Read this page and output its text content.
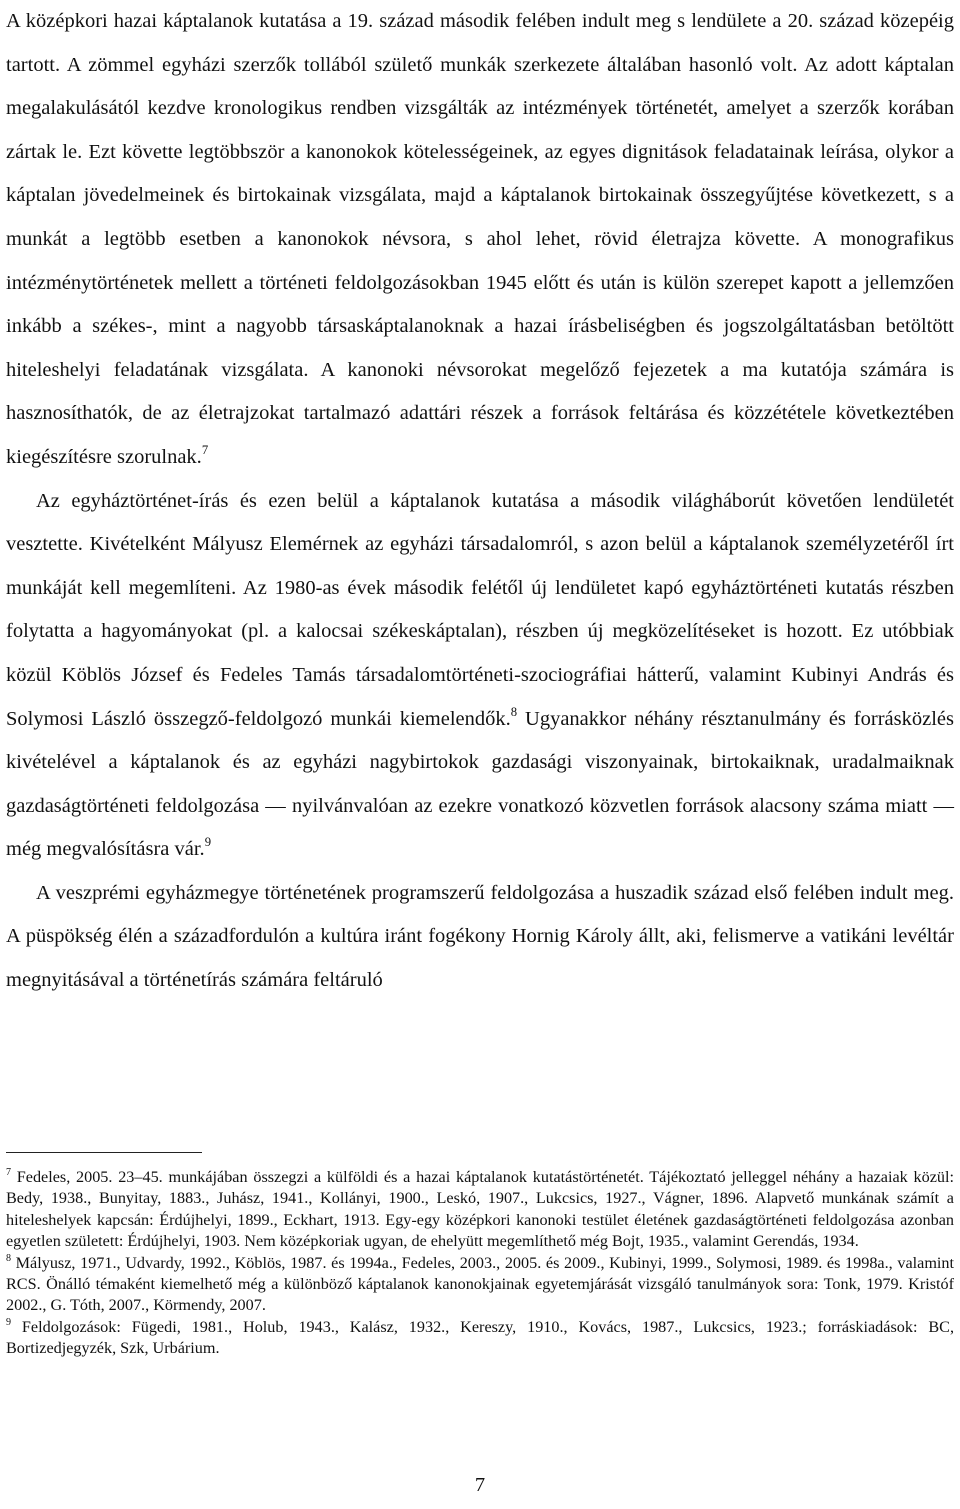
A középkori hazai káptalanok kutatása a 19. század második felében indult meg s lendülete a 20. század közepéig tartott. A zömmel egyházi szerzők tollából születő munkák szerkezete általában hasonló volt. Az adott káptalan megalakulásától kezdve kronologikus rendben vizsgálták az intézmények történetét, amelyet a szerzők korában zártak le. Ezt követte legtöbbször a kanonokok kötelességeinek, az egyes dignitások feladatainak leírása, olykor a káptalan jövedelmeinek és birtokainak vizsgálata, majd a káptalanok birtokainak összegyűjtése következett, s a munkát a legtöbb esetben a kanonokok névsora, s ahol lehet, rövid életrajza követte. A monografikus intézménytörténetek mellett a történeti feldolgozásokban 1945 előtt és után is külön szerepet kapott a jellemzően inkább a székes-, mint a nagyobb társaskáptalanoknak a hazai írásbeliségben és jogszolgáltatásban betöltött hiteleshelyi feladatának vizsgálata. A kanonoki névsorokat megelőző fejezetek a ma kutatója számára is hasznosíthatók, de az életrajzokat tartalmazó adattári részek a források feltárása és közzététele következtében kiegészítésre szorulnak.$^7$

Az egyháztörténet-írás és ezen belül a káptalanok kutatása a második világháborút követően lendületét vesztette. Kivételként Mályusz Elemérnek az egyházi társadalomról, s azon belül a káptalanok személyzetéről írt munkáját kell megemlíteni. Az 1980-as évek második felétől új lendületet kapó egyháztörténeti kutatás részben folytatta a hagyományokat (pl. a kalocsai székeskáptalan), részben új megközelítéseket is hozott. Ez utóbbiak közül Köblös József és Fedeles Tamás társadalomtörténeti-szociográfiai hátterű, valamint Kubinyi András és Solymosi László összegző-feldolgozó munkái kiemelendők.$^8$ Ugyanakkor néhány résztanulmány és forrásközlés kivételével a káptalanok és az egyházi nagybirtokok gazdasági viszonyainak, birtokaiknak, uradalmaiknak gazdaságtörténeti feldolgozása — nyilvánvalóan az ezekre vonatkozó közvetlen források alacsony száma miatt — még megvalósításra vár.$^9$

A veszprémi egyházmegye történetének programszerű feldolgozása a huszadik század első felében indult meg. A püspökség élén a századfordulón a kultúra iránt fogékony Hornig Károly állt, aki, felismerve a vatikáni levéltár megnyitásával a történetírás számára feltáruló

$^7$ Fedeles, 2005. 23–45. munkájában összegzi a külföldi és a hazai káptalanok kutatástörténetét. Tájékoztató jelleggel néhány a hazaiak közül: Bedy, 1938., Bunyitay, 1883., Juhász, 1941., Kollányi, 1900., Leskó, 1907., Lukcsics, 1927., Vágner, 1896. Alapvető munkának számít a hiteleshelyek kapcsán: Érdújhelyi, 1899., Eckhart, 1913. Egy-egy középkori kanonoki testület életének gazdaságtörténeti feldolgozása azonban egyetlen született: Érdújhelyi, 1903. Nem középkoriak ugyan, de ehelyütt megemlíthető még Bojt, 1935., valamint Gerendás, 1934.

$^8$ Mályusz, 1971., Udvardy, 1992., Köblös, 1987. és 1994a., Fedeles, 2003., 2005. és 2009., Kubinyi, 1999., Solymosi, 1989. és 1998a., valamint RCS. Önálló témaként kiemelhető még a különböző káptalanok kanonokjainak egyetemjárását vizsgáló tanulmányok sora: Tonk, 1979. Kristóf 2002., G. Tóth, 2007., Körmendy, 2007.

$^9$ Feldolgozások: Fügedi, 1981., Holub, 1943., Kalász, 1932., Kereszy, 1910., Kovács, 1987., Lukcsics, 1923.; forráskiadások: BC, Bortizedjegyzék, Szk, Urbárium.

7
